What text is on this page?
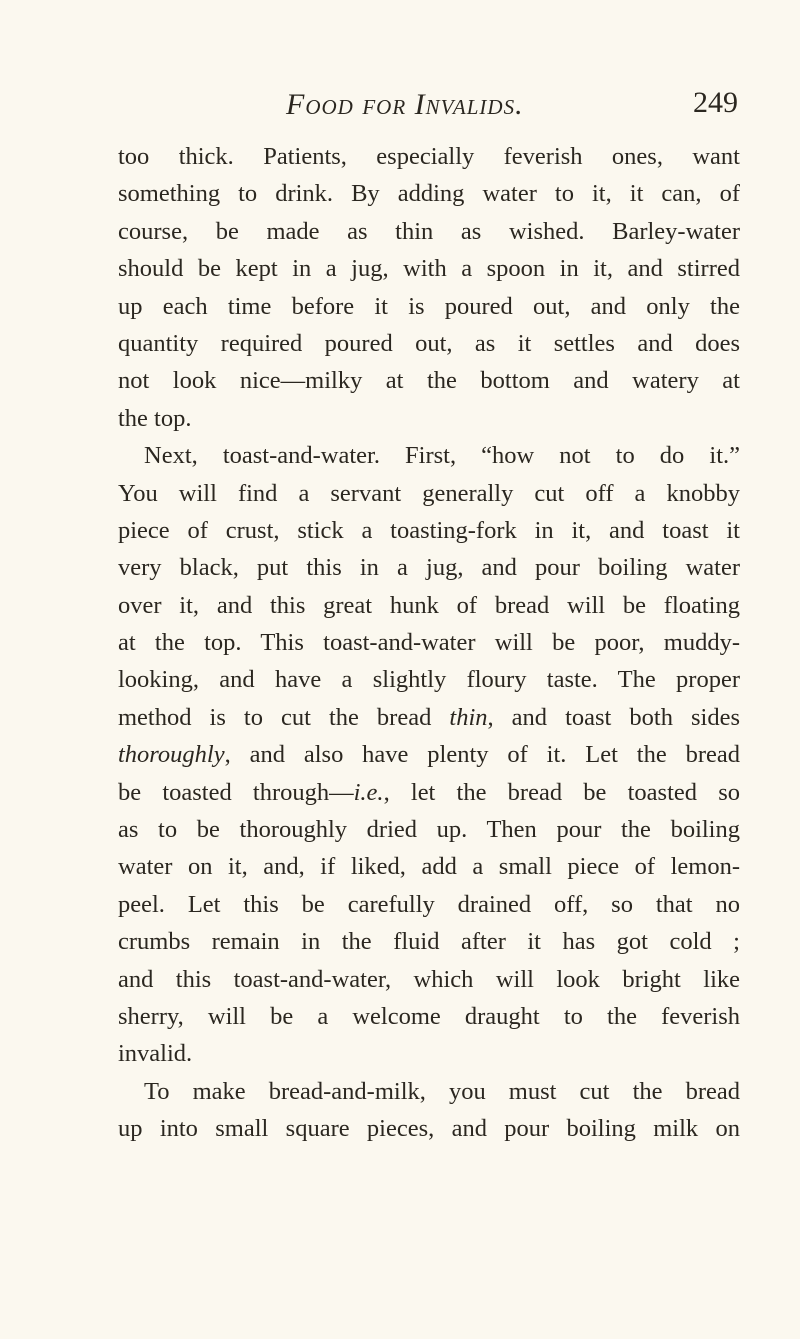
Food for Invalids.	249
too thick. Patients, especially feverish ones, want
something to drink. By adding water to it, it can, of
course, be made as thin as wished. Barley-water
should be kept in a jug, with a spoon in it, and stirred
up each time before it is poured out, and only the
quantity required poured out, as it settles and does
not look nice—milky at the bottom and watery at
the top.
Next, toast-and-water. First, “how not to do it.”
You will find a servant generally cut off a knobby
piece of crust, stick a toasting-fork in it, and toast it
very black, put this in a jug, and pour boiling water
over it, and this great hunk of bread will be floating
at the top. This toast-and-water will be poor, muddy-
looking, and have a slightly floury taste. The proper
method is to cut the bread thin, and toast both sides
thoroughly, and also have plenty of it. Let the bread
be toasted through—i.e., let the bread be toasted so
as to be thoroughly dried up. Then pour the boiling
water on it, and, if liked, add a small piece of lemon-
peel. Let this be carefully drained off, so that no
crumbs remain in the fluid after it has got cold ;
and this toast-and-water, which will look bright like
sherry, will be a welcome draught to the feverish
invalid.
To make bread-and-milk, you must cut the bread
up into small square pieces, and pour boiling milk on
